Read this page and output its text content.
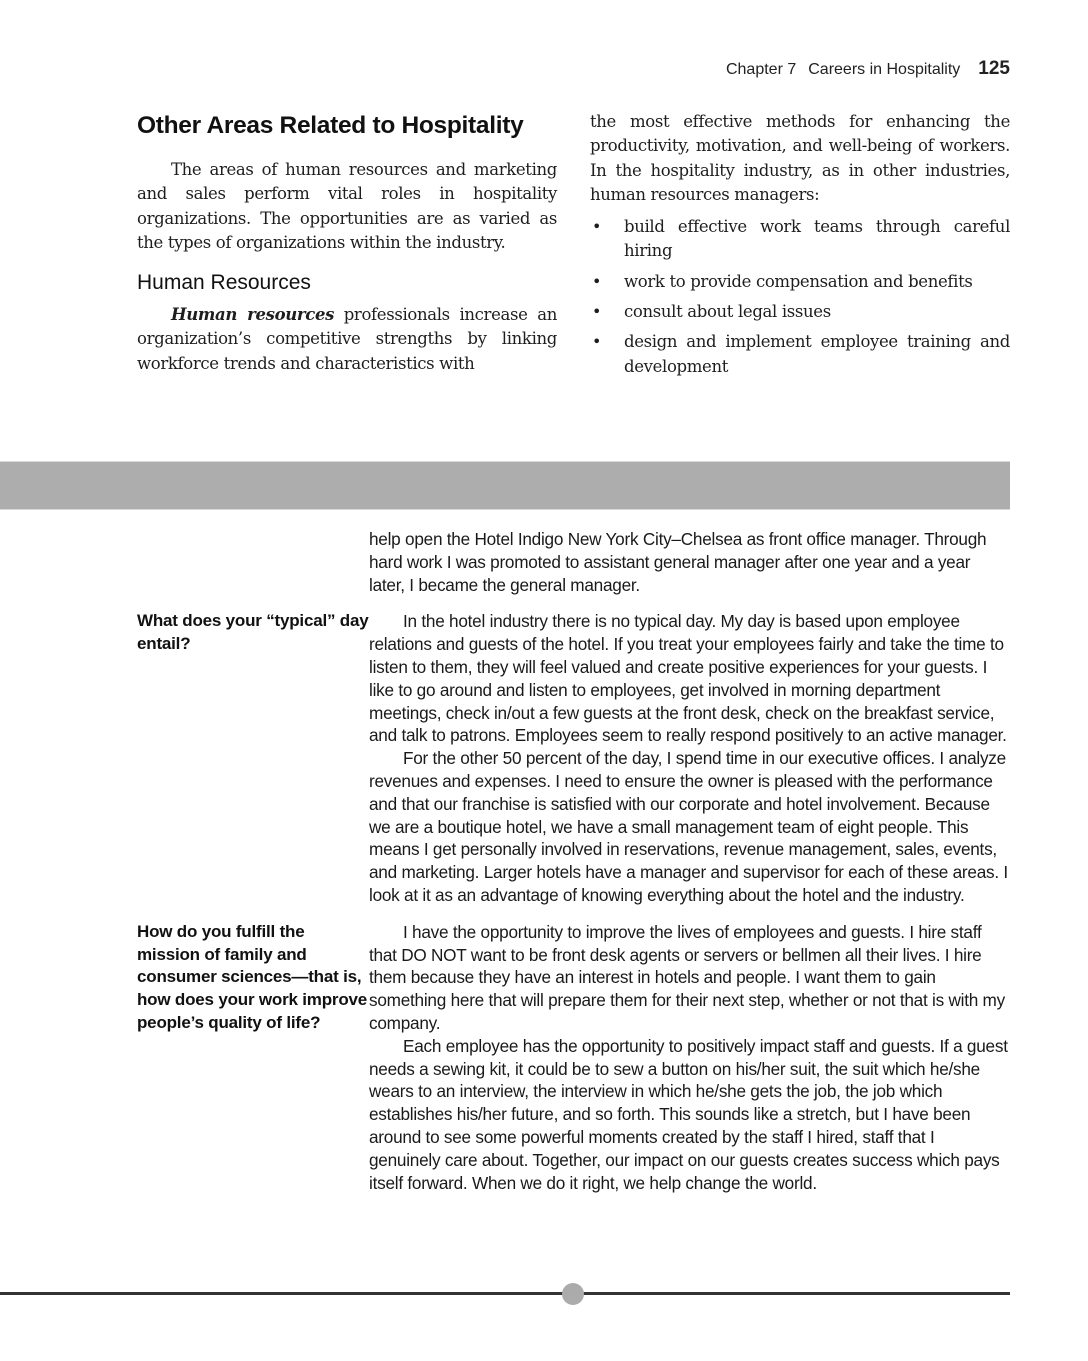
Chapter 7 Careers in Hospitality 125
Other Areas Related to Hospitality

The areas of human resources and marketing and sales perform vital roles in hospitality organizations. The opportunities are as varied as the types of organizations within the industry.

Human Resources

Human resources professionals increase an organization’s competitive strengths by linking workforce trends and characteristics with

the most effective methods for enhancing the productivity, motivation, and well-being of workers. In the hospitality industry, as in other industries, human resources managers:

• build effective work teams through careful hiring
• work to provide compensation and benefits
• consult about legal issues
• design and implement employee training and development

help open the Hotel Indigo New York City–Chelsea as front office manager. Through hard work I was promoted to assistant general manager after one year and a year later, I became the general manager.

What does your “typical” day entail?

In the hotel industry there is no typical day. My day is based upon employee relations and guests of the hotel. If you treat your employees fairly and take the time to listen to them, they will feel valued and create positive experiences for your guests. I like to go around and listen to employees, get involved in morning department meetings, check in/out a few guests at the front desk, check on the breakfast service, and talk to patrons. Employees seem to really respond positively to an active manager.

For the other 50 percent of the day, I spend time in our executive offices. I analyze revenues and expenses. I need to ensure the owner is pleased with the performance and that our franchise is satisfied with our corporate and hotel involvement. Because we are a boutique hotel, we have a small management team of eight people. This means I get personally involved in reservations, revenue management, sales, events, and marketing. Larger hotels have a manager and supervisor for each of these areas. I look at it as an advantage of knowing everything about the hotel and the industry.

How do you fulfill the mission of family and consumer sciences—that is, how does your work improve people’s quality of life?

I have the opportunity to improve the lives of employees and guests. I hire staff that DO NOT want to be front desk agents or servers or bellmen all their lives. I hire them because they have an interest in hotels and people. I want them to gain something here that will prepare them for their next step, whether or not that is with my company.

Each employee has the opportunity to positively impact staff and guests. If a guest needs a sewing kit, it could be to sew a button on his/her suit, the suit which he/she wears to an interview, the interview in which he/she gets the job, the job which establishes his/her future, and so forth. This sounds like a stretch, but I have been around to see some powerful moments created by the staff I hired, staff that I genuinely care about. Together, our impact on our guests creates success which pays itself forward. When we do it right, we help change the world.
